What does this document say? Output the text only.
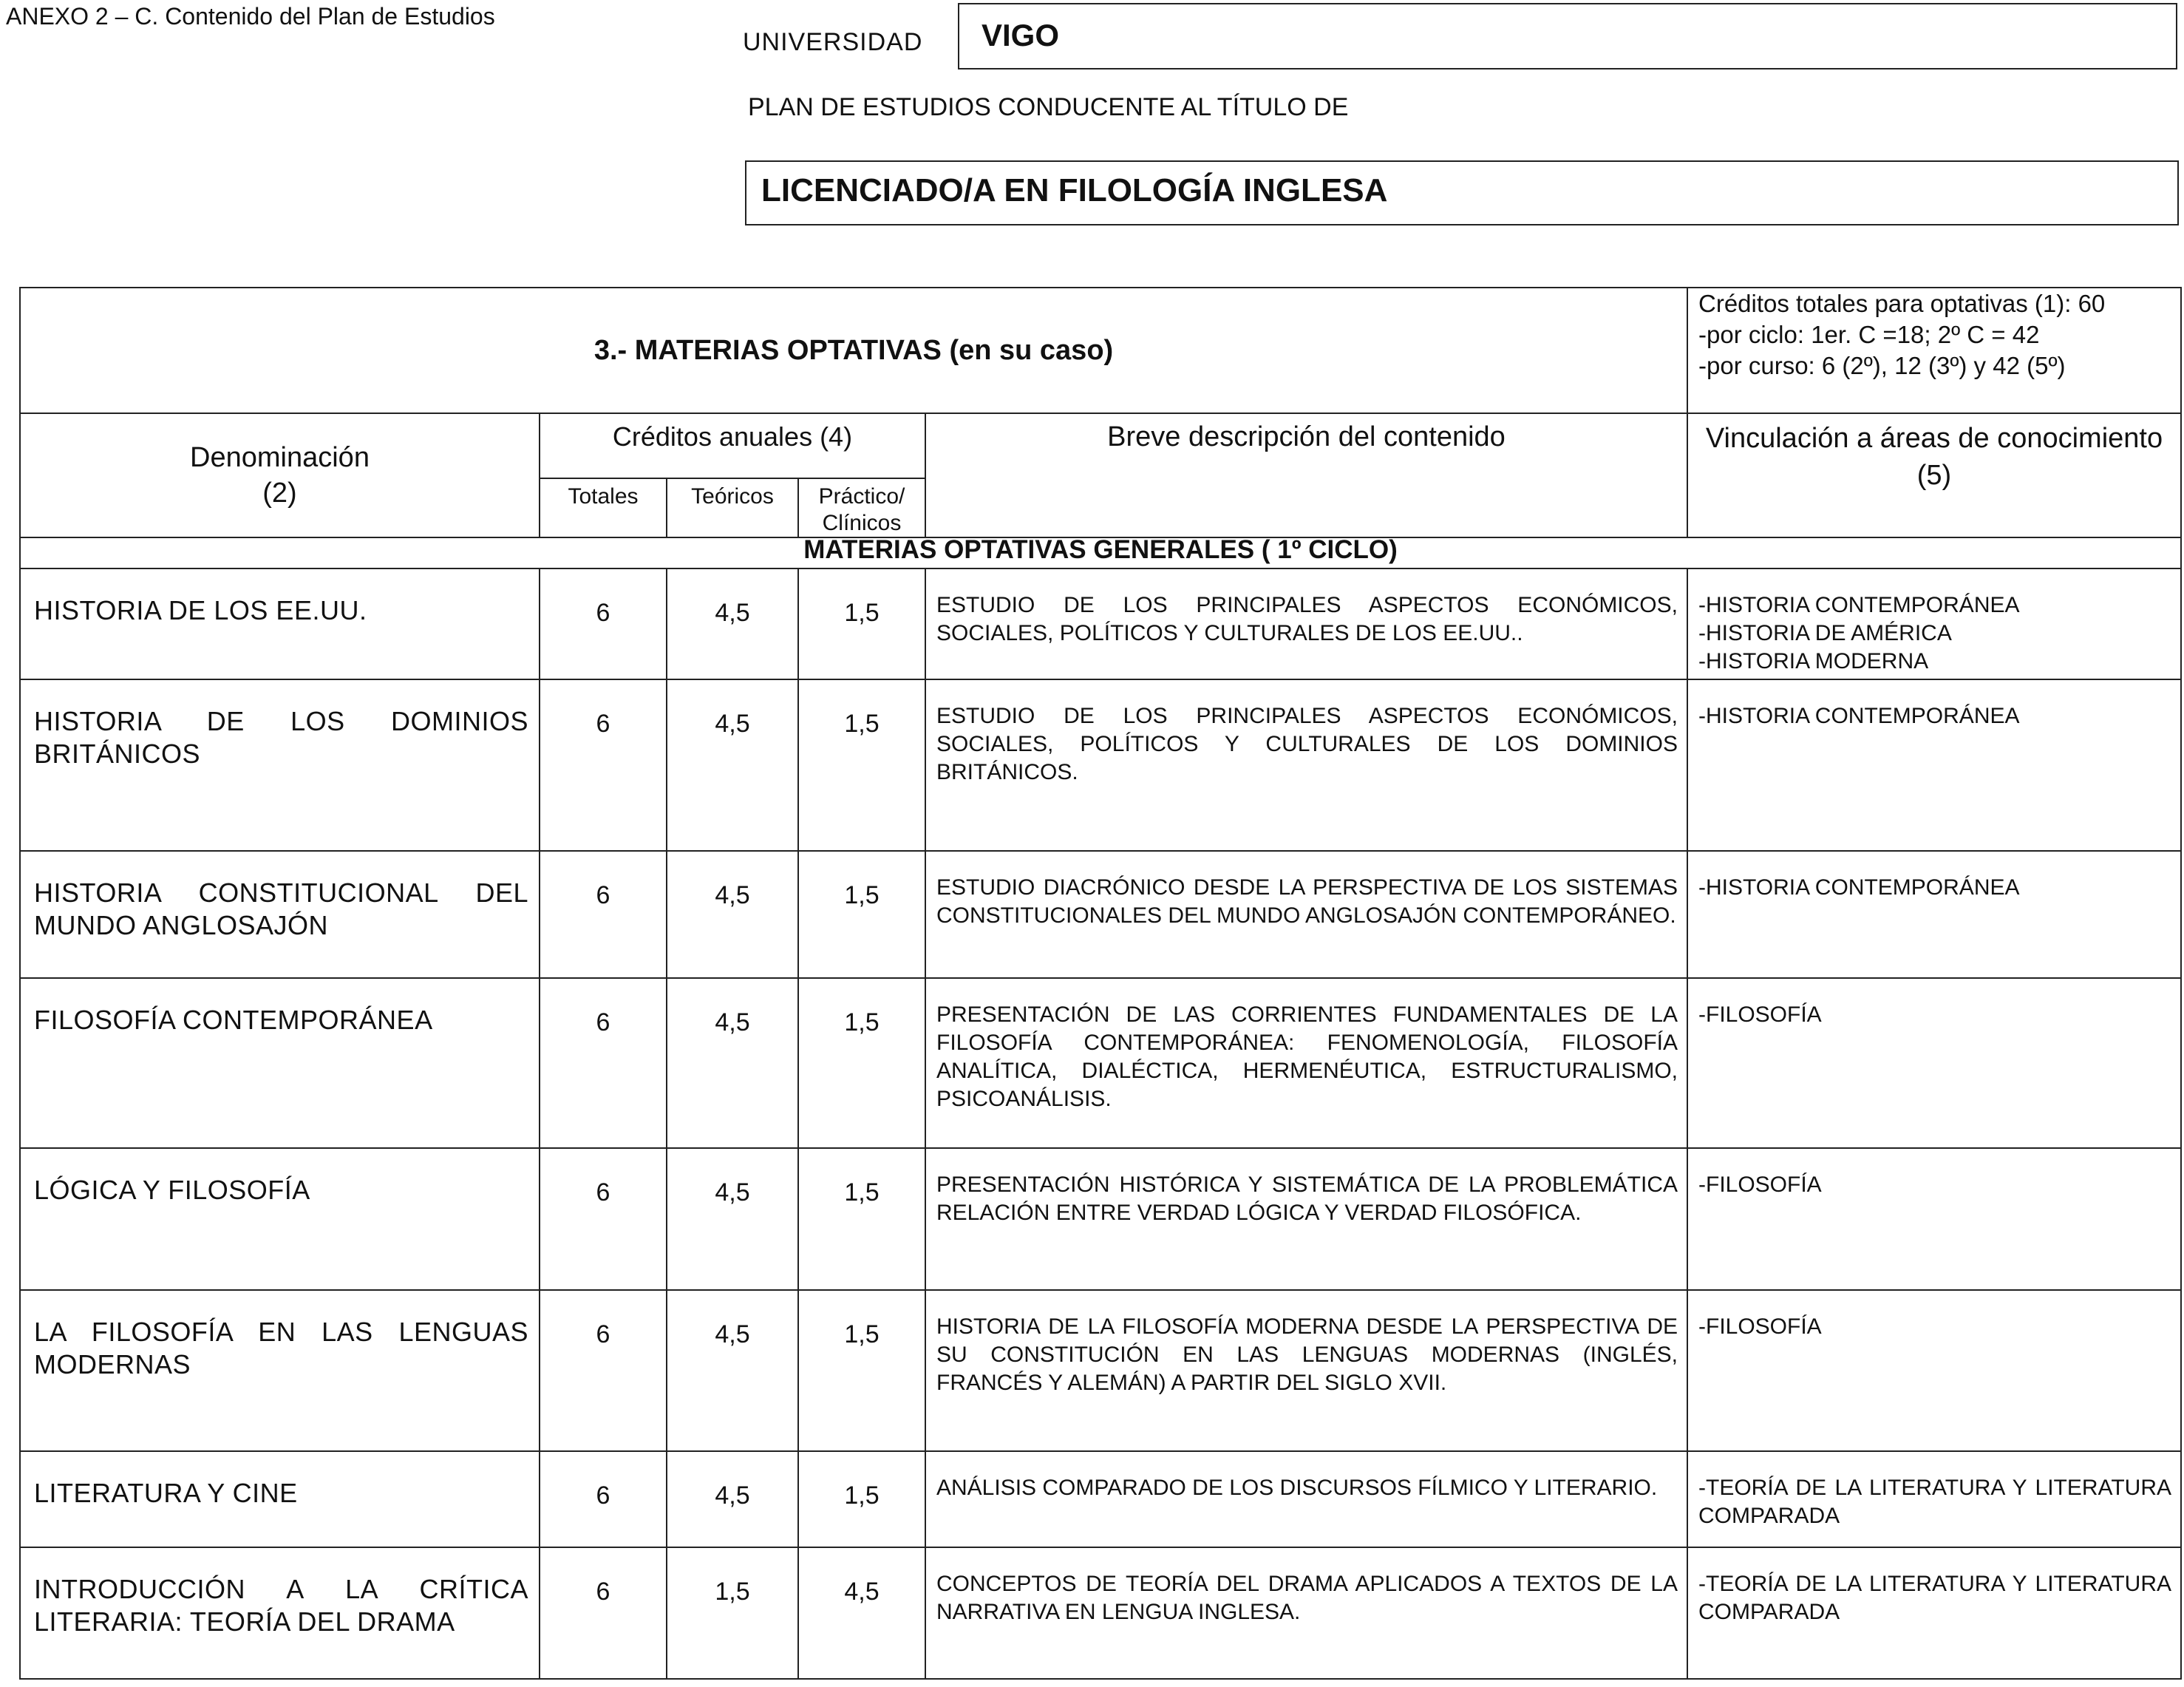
ANEXO 2 – C. Contenido del Plan de Estudios
UNIVERSIDAD	VIGO
PLAN DE ESTUDIOS CONDUCENTE AL TÍTULO DE
LICENCIADO/A EN FILOLOGÍA INGLESA
3.- MATERIAS OPTATIVAS (en su caso)					Créditos totales para optativas (1): 60
-por ciclo: 1er. C =18; 2º C = 42
-por curso: 6 (2º), 12 (3º) y 42 (5º)

Denominación
(2)	Créditos anuales (4)			Breve descripción del contenido	Vinculación a áreas de conocimiento (5)
	Totales	Teóricos	Práctico/ Clínicos		
MATERIAS OPTATIVAS GENERALES ( 1º CICLO)					
HISTORIA DE LOS EE.UU.	6	4,5	1,5	ESTUDIO DE LOS PRINCIPALES ASPECTOS ECONÓMICOS, SOCIALES, POLÍTICOS Y CULTURALES DE LOS EE.UU..	-HISTORIA CONTEMPORÁNEA
-HISTORIA DE AMÉRICA
-HISTORIA MODERNA

HISTORIA DE LOS DOMINIOS BRITÁNICOS	6	4,5	1,5	ESTUDIO DE LOS PRINCIPALES ASPECTOS ECONÓMICOS, SOCIALES, POLÍTICOS Y CULTURALES DE LOS DOMINIOS BRITÁNICOS.	-HISTORIA CONTEMPORÁNEA

HISTORIA CONSTITUCIONAL DEL MUNDO ANGLOSAJÓN	6	4,5	1,5	ESTUDIO DIACRÓNICO DESDE LA PERSPECTIVA DE LOS SISTEMAS CONSTITUCIONALES DEL MUNDO ANGLOSAJÓN CONTEMPORÁNEO.	-HISTORIA CONTEMPORÁNEA

FILOSOFÍA CONTEMPORÁNEA	6	4,5	1,5	PRESENTACIÓN DE LAS CORRIENTES FUNDAMENTALES DE LA FILOSOFÍA CONTEMPORÁNEA: FENOMENOLOGÍA, FILOSOFÍA ANALÍTICA, DIALÉCTICA, HERMENÉUTICA, ESTRUCTURALISMO, PSICOANÁLISIS.	-FILOSOFÍA

LÓGICA Y FILOSOFÍA	6	4,5	1,5	PRESENTACIÓN HISTÓRICA Y SISTEMÁTICA DE LA PROBLEMÁTICA RELACIÓN ENTRE VERDAD LÓGICA Y VERDAD FILOSÓFICA.	-FILOSOFÍA

LA FILOSOFÍA EN LAS LENGUAS MODERNAS	6	4,5	1,5	HISTORIA DE LA FILOSOFÍA MODERNA DESDE LA PERSPECTIVA DE SU CONSTITUCIÓN EN LAS LENGUAS MODERNAS (INGLÉS, FRANCÉS Y ALEMÁN) A PARTIR DEL SIGLO XVII.	-FILOSOFÍA

LITERATURA Y CINE	6	4,5	1,5	ANÁLISIS COMPARADO DE LOS DISCURSOS FÍLMICO Y LITERARIO.	-TEORÍA DE LA LITERATURA Y LITERATURA COMPARADA

INTRODUCCIÓN A LA CRÍTICA LITERARIA: TEORÍA DEL DRAMA	6	1,5	4,5	CONCEPTOS DE TEORÍA DEL DRAMA APLICADOS A TEXTOS DE LA NARRATIVA EN LENGUA INGLESA.	-TEORÍA DE LA LITERATURA Y LITERATURA COMPARADA
